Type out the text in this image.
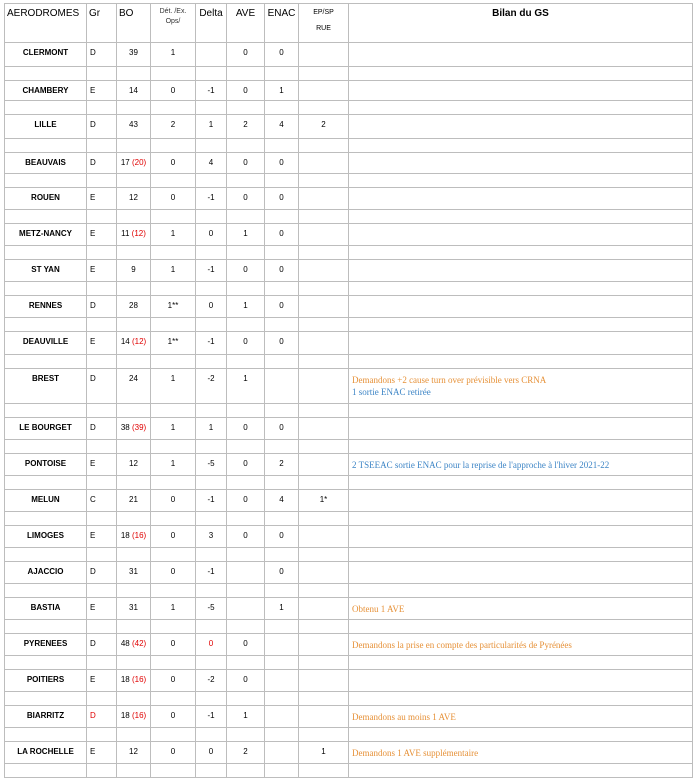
AERODROMES	Gr	BO	Dét. /Ex. Ops/	Delta	AVE	ENAC	EP/SP
RUE	Bilan du GS
CLERMONT	D	39	1		0	0		

CHAMBERY	E	14	0	-1	0	1		

LILLE	D	43	2	1	2	4	2	

BEAUVAIS	D	17 (20)	0	4	0	0		

ROUEN	E	12	0	-1	0	0		

METZ-NANCY	E	11 (12)	1	0	1	0		

ST YAN	E	9	1	-1	0	0		

RENNES	D	28	1**	0	1	0		

DEAUVILLE	E	14 (12)	1**	-1	0	0		

BREST	D	24	1	-2	1			Demandons +2 cause turn over prévisible vers CRNA
1 sortie ENAC retirée

LE BOURGET	D	38 (39)	1	1	0	0		

PONTOISE	E	12	1	-5	0	2		2 TSEEAC sortie ENAC pour la reprise de l'approche à l'hiver 2021-22

MELUN	C	21	0	-1	0	4	1*	

LIMOGES	E	18 (16)	0	3	0	0		

AJACCIO	D	31	0	-1		0		

BASTIA	E	31	1	-5		1		Obtenu 1 AVE

PYRENEES	D	48 (42)	0	0	0			Demandons la prise en compte des particularités de Pyrénées

POITIERS	E	18 (16)	0	-2	0			

BIARRITZ	D	18 (16)	0	-1	1			Demandons au moins 1 AVE

LA ROCHELLE	E	12	0	0	2		1	Demandons 1 AVE supplémentaire
